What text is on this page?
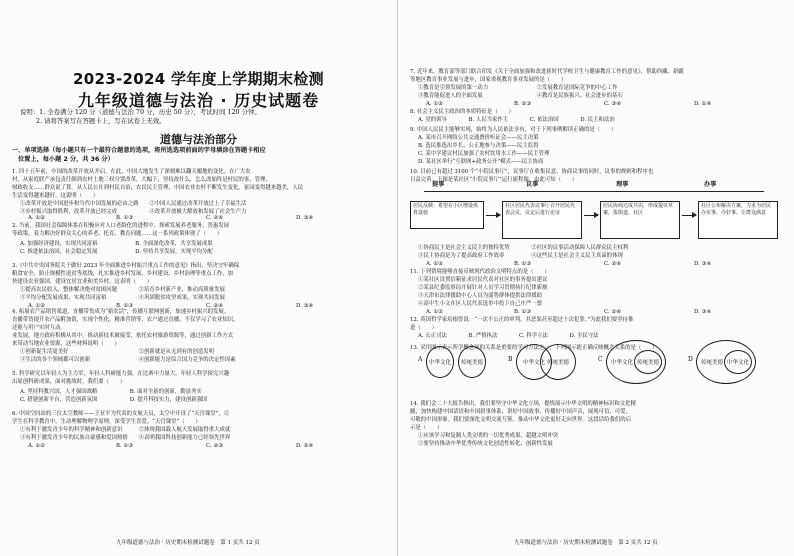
2023-2024 学年度上学期期末检测
九年级道德与法治 · 历史试题卷
说明：1. 全卷满分 120 分（道德与法治 70 分，历史 50 分），考试时间 120 分钟。
2. 请将答案写在答题卡上，写在试卷上无效。
道德与法治部分
一、单项选择（每小题只有一个最符合题意的选项，将所选选项前面的字母填涂在答题卡相应
位置上，每小题 2 分，共 36 分）
1. 四十五年前，中国的改革开放从开启，在此，中国大地发生了深刻难以翻天覆地的变化。在广大农
村，从家庭联产承包责任制到农村土地三权分置改革，大幅下，坚持改什么，怎么改始终是村民的事，管理、
财政收支……群众说了算。从人民公社到村民自治，农民民主管理，中国农业农村不断发生变化。家园变得越来越美，人民
生活变得越来越好。这说明（　　）
①改革开放是中国进步和当代中国发展的必由之路　　②中国人民通过改革开放过上了幸福生活
③乡村振兴取得胜利，改革开放已经完成　　　　　　④改革开放极大解放和发展了社会生产力
2. 当前，我国社会保障体系在积极应对人口老龄化的进程中，探索发展养老服务、普惠发展
等政策，着力解决好群众关心的养老、托育、教育问题……这一系列政策体现了（　　）
A. 加强经济建设，实现共同富裕　　　　　　　B. 全面深化改革，共享发展成果
C. 推进依法治国，社会稳定发展　　　　　　　D. 坚持共享发展，实现平均分配
3.《中共中央国务院关于做好 2023 年全面推进乡村振兴重点工作的意见》指出，坚决守牢确保
粮食安全、防止规模性返贫等底线，扎实推进乡村发展、乡村建设、乡村治理等重点工作，加
快建设农业强国，建设宜居宜业和美乡村。这表明（　　）
①提高农民收入，整体解决绝对贫困问题　　　　②培育乡村新产业，推动高质量发展
③平均分配发展成果，实现共同富裕　　　　　　④巩固脱贫攻坚成果，实现共同发展
4. 拓展农产品销售渠道，直播带货成为“新农活”，传播互联网创新，加速乡村振兴的发展。
直播带货提升农产品附加值，实现个性化、精准营销等，农户通过直播，不仅学习了农业知识，
还能与用户实时互动。
业发展，地方政府积极从其中，推动新技术被接受，依托农村旅游资源等，通过创新工作方式
来带动当地农业资源，这些材料说明（　　）
①创新促生活更美好　　　　　　　　　　　　　②创新就是从无到有的创造发明
③生活的各个领域都可以创新　　　　　　　　　④创新能力是综合国力竞争的决定性因素
5. 科学研究以年轻人为主力军，年轻人科研能力强，在比赛中力量大，年轻人科学探究兴趣
出原创科研成果，面对挑战时，我们要（　　）
A. 坚持科教兴国，人才强国战略　　　　　　B. 面对全新的创新，勤恳务实
C. 搭建创新平台，营造创新氛围　　　　　　D. 提升科技实力，建设创新强国
6. 中国空间站的三位太空教师——王亚平为代表的女航天员，太空中开设了“天宫课堂”，让
学生在科学教育中，生动理解物理学原理，深受学生喜爱。“天宫课堂”（　　）
①有利于激发青少年的科学精神和创新意识　　　②体现我国载人航天发展取得重大成就
③有利于激发青少年的民族自豪感和爱国热情　　④表明我国科技创新能力已经领先世界
A. ①②	B. ①③	C. ②④	D. ③④
A. ①②	B. ①③	C. ②④	D. ③④
A. ①②	B. ①③	C. ②③	D. ②④
九年级道德与法治 · 历史期末检测试题卷　第 1 页共 12 页
7. 近年来，教育部等部门联合印发《关于全面加强和改进新时代学校卫生与健康教育工作的意见》，帮助西藏、新疆
等地区教育事业发展与进步，国家重视教育事业发展的是（　　）
①教育是引领发展的第一动力　　　　　　　　　②发展教育是国际竞争的中心工作
③教育能促进人的全面发展　　　　　　　　　　④教育是民族振兴、社会进步的基石
8. 社会主义民主政治的本质特征是（　　）
A. 党的领导　　　　B. 人民当家作主　　　　C. 依法治国　　　　D. 民主和法治
9. 中国人民民主能够实现，始终为人民依法享有，对于下列事例解读正确的是（　　）
A. 某市召开网络公共交通票价听证会——民主决策
B. 选民推选出乡长、公正地参与决策——民主监督
C. 某中学建议村民加强了农村饮用水工作——民主管理
D. 某社区举行“互联网+政务公开”模式——民主协商
10. 目前已有超过 3100 个“小院议事厅”，议事厅在收集民意、协商议事的同时，议事的规则和程序也
日益完善。下图是某社区“小院议事厅”运行流程图，由此可知（　　）
①协商民主是社会主义民主的独特优势　　　　②社区的议事活动保障人民群众民主权利
③民主协商是为了提高政府工作效率　　　　　④这些民主是社会主义民主真谛的体现
11. 下列情境能够直接反映现代政治文明特点的是（　　）
①某社区设置信箱征求居民代表对社区的事务提出建议
②某县纪委监察局开展针对人员学习贯彻执行纪律新规
③天津市法律援助中心人员为弱势群体提供法律援助
④高中生小文在区人民代表选举中投下自己庄严一票
12. 英国哲学家培根曾说：“一次不公正的审判，其恶果甚至超过十次犯罪。”为此我们要坚持推
进（　　）
A. 公正司法　　　　B. 严格执法　　　　C. 科学立法　　　　D. 全民守法
13. 采用图示表示所学概念间的关系是重要的学习方法之一，下列图示能正确反映概念关系的是（　　）
14. 我们会二十大报告指出，我们要坚守中华文化立场，提炼展示中华文明的精神标识和文化精
髓，加快构建中国话语和中国叙事体系，讲好中国故事、传播好中国声音，展现可信、可爱、
可敬的中国形象。我们要深化文明交流互鉴，推动中华文化更好走向世界。这段话给我们的启
示是（　　）
①应该学习和复制人类文明的一切优秀成果，超越文明冲突
②要坚持推动中华优秀传统文化创造性转化、创新性发展
A. ①②	B. ②③	C. ③④	D. ①④
A. ①②	B. ①③	C. ②④	D. ③④
A. ①②	B. ①③	C. ②④	D. ③④
提事	议事	理事	办事
居民反映：希望在小区增设体育设施
社区居民代表议事厅召开居民代表会议，议定后进行论证
居民协商达成共识，形成提议草案，报街道、社区
社区公布解决方案，力求为居民办实事、办好事、让群众满意
A 中华文化 传统美德	B 中华文化 传统美德	C 中华文化 传统美德	D 传统美德 中华文化
九年级道德与法治 · 历史期末检测试题卷　第 2 页共 12 页
